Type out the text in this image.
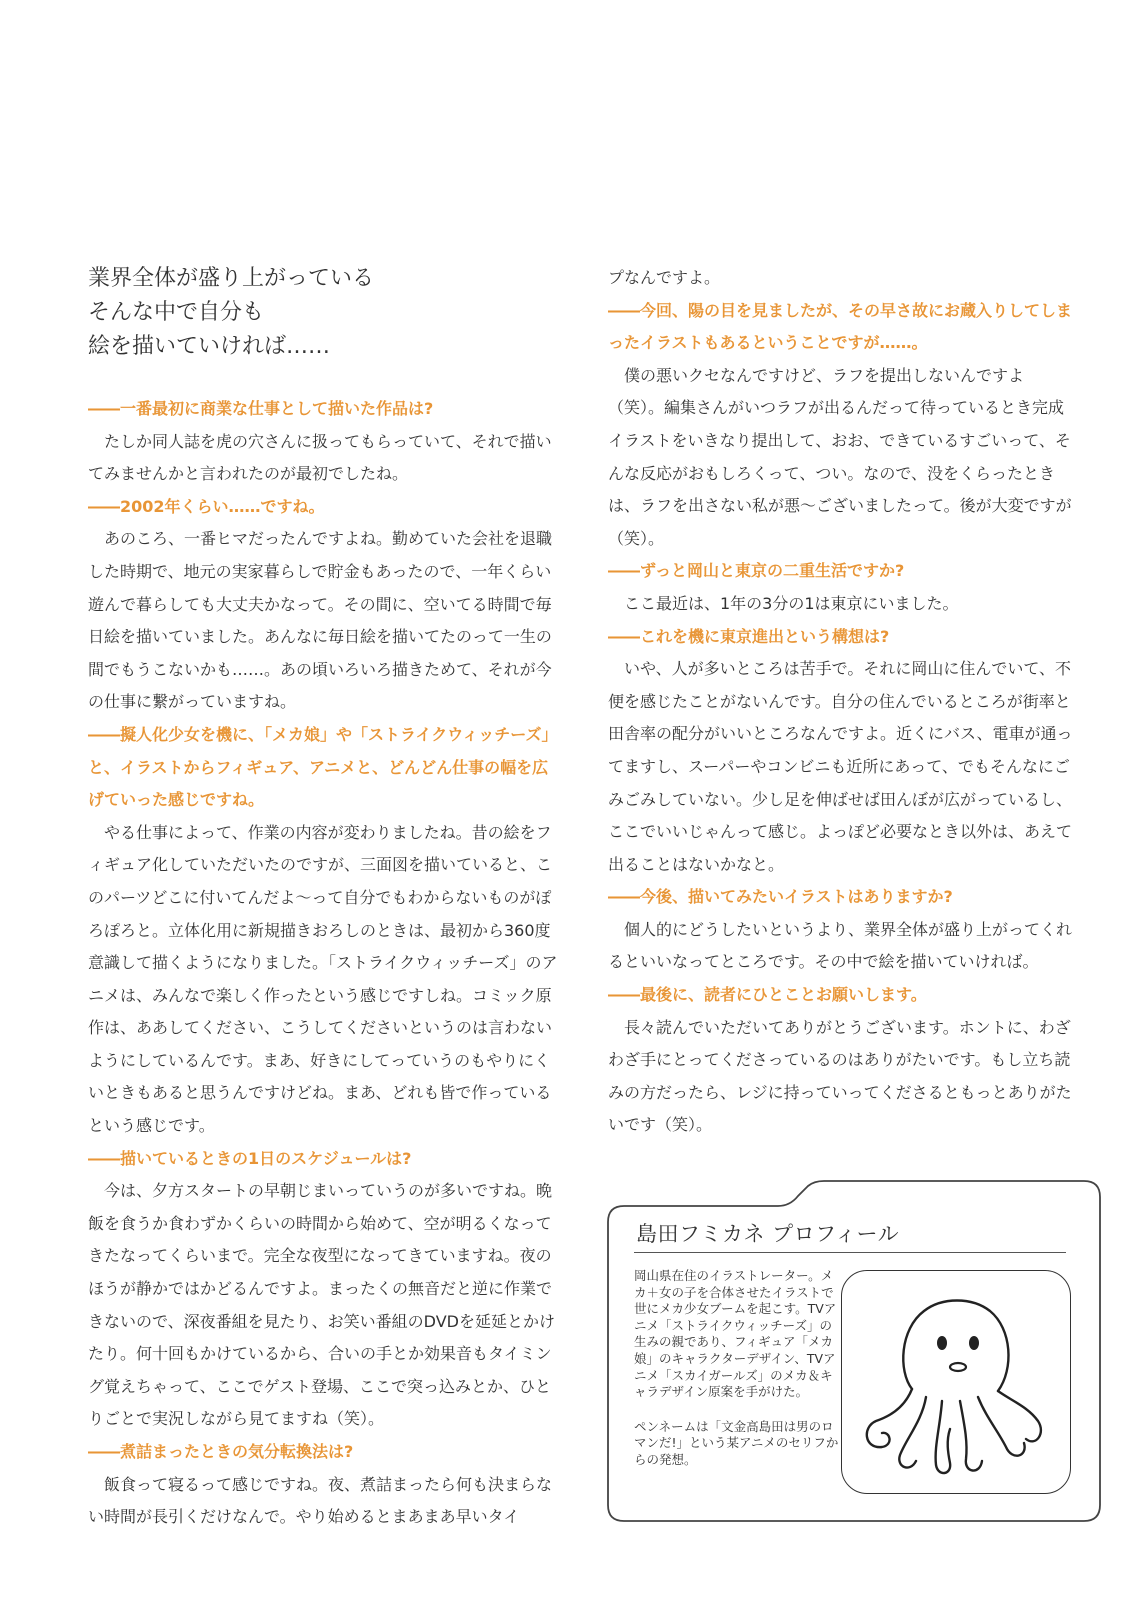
業界全体が盛り上がっている
そんな中で自分も
絵を描いていければ……

――一番最初に商業な仕事として描いた作品は?

たしか同人誌を虎の穴さんに扱ってもらっていて、それで描いてみませんかと言われたのが最初でしたね。

――2002年くらい……ですね。

あのころ、一番ヒマだったんですよね。勤めていた会社を退職した時期で、地元の実家暮らしで貯金もあったので、一年くらい遊んで暮らしても大丈夫かなって。その間に、空いてる時間で毎日絵を描いていました。あんなに毎日絵を描いてたのって一生の間でもうこないかも……。あの頃いろいろ描きためて、それが今の仕事に繋がっていますね。

――擬人化少女を機に、「メカ娘」や「ストライクウィッチーズ」と、イラストからフィギュア、アニメと、どんどん仕事の幅を広げていった感じですね。

やる仕事によって、作業の内容が変わりましたね。昔の絵をフィギュア化していただいたのですが、三面図を描いていると、このパーツどこに付いてんだよ～って自分でもわからないものがぽろぽろと。立体化用に新規描きおろしのときは、最初から360度意識して描くようになりました。「ストライクウィッチーズ」のアニメは、みんなで楽しく作ったという感じですしね。コミック原作は、ああしてください、こうしてくださいというのは言わないようにしているんです。まあ、好きにしてっていうのもやりにくいときもあると思うんですけどね。まあ、どれも皆で作っているという感じです。

――描いているときの1日のスケジュールは?

今は、夕方スタートの早朝じまいっていうのが多いですね。晩飯を食うか食わずかくらいの時間から始めて、空が明るくなってきたなってくらいまで。完全な夜型になってきていますね。夜のほうが静かではかどるんですよ。まったくの無音だと逆に作業できないので、深夜番組を見たり、お笑い番組のDVDを延延とかけたり。何十回もかけているから、合いの手とか効果音もタイミング覚えちゃって、ここでゲスト登場、ここで突っ込みとか、ひとりごとで実況しながら見てますね（笑）。

――煮詰まったときの気分転換法は?

飯食って寝るって感じですね。夜、煮詰まったら何も決まらない時間が長引くだけなんで。やり始めるとまあまあ早いタイ

プなんですよ。

――今回、陽の目を見ましたが、その早さ故にお蔵入りしてしまったイラストもあるということですが……。

僕の悪いクセなんですけど、ラフを提出しないんですよ（笑）。編集さんがいつラフが出るんだって待っているとき完成イラストをいきなり提出して、おお、できているすごいって、そんな反応がおもしろくって、つい。なので、没をくらったときは、ラフを出さない私が悪～ございましたって。後が大変ですが（笑）。

――ずっと岡山と東京の二重生活ですか?

ここ最近は、1年の3分の1は東京にいました。

――これを機に東京進出という構想は?

いや、人が多いところは苦手で。それに岡山に住んでいて、不便を感じたことがないんです。自分の住んでいるところが街率と田舎率の配分がいいところなんですよ。近くにバス、電車が通ってますし、スーパーやコンビニも近所にあって、でもそんなにごみごみしていない。少し足を伸ばせば田んぼが広がっているし、ここでいいじゃんって感じ。よっぽど必要なとき以外は、あえて出ることはないかなと。

――今後、描いてみたいイラストはありますか?

個人的にどうしたいというより、業界全体が盛り上がってくれるといいなってところです。その中で絵を描いていければ。

――最後に、読者にひとことお願いします。

長々読んでいただいてありがとうございます。ホントに、わざわざ手にとってくださっているのはありがたいです。もし立ち読みの方だったら、レジに持っていってくださるともっとありがたいです（笑）。

島田フミカネ プロフィール

岡山県在住のイラストレーター。メカ＋女の子を合体させたイラストで世にメカ少女ブームを起こす。TVアニメ「ストライクウィッチーズ」の生みの親であり、フィギュア「メカ娘」のキャラクターデザイン、TVアニメ「スカイガールズ」のメカ＆キャラデザイン原案を手がけた。

ペンネームは「文金高島田は男のロマンだ!」という某アニメのセリフからの発想。
